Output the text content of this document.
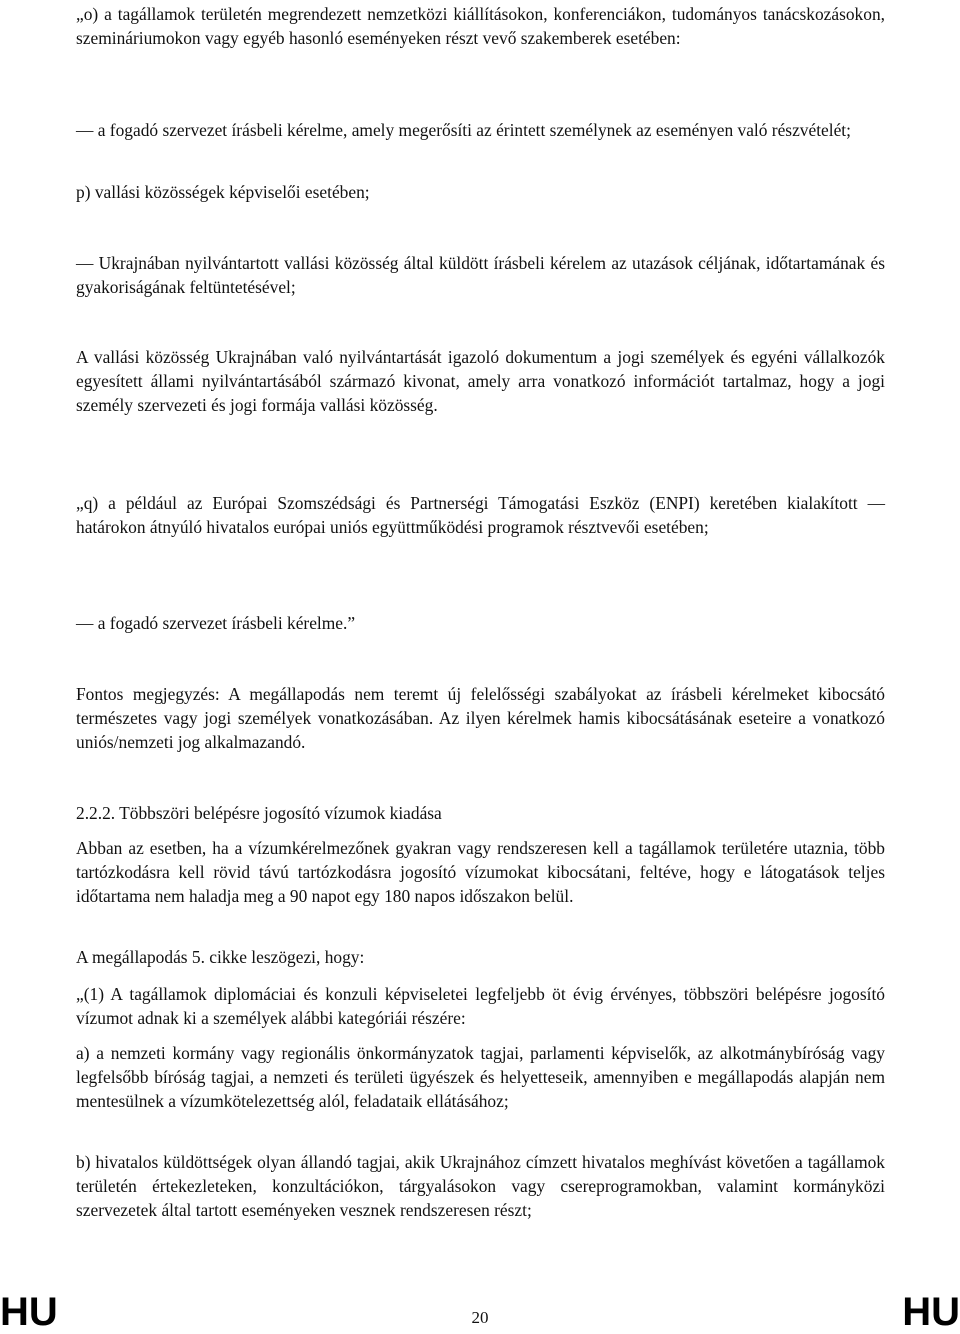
„o) a tagállamok területén megrendezett nemzetközi kiállításokon, konferenciákon, tudományos tanácskozásokon, szemináriumokon vagy egyéb hasonló eseményeken részt vevő szakemberek esetében:

— a fogadó szervezet írásbeli kérelme, amely megerősíti az érintett személynek az eseményen való részvételét;

p) vallási közösségek képviselői esetében;

— Ukrajnában nyilvántartott vallási közösség által küldött írásbeli kérelem az utazások céljának, időtartamának és gyakoriságának feltüntetésével;

A vallási közösség Ukrajnában való nyilvántartását igazoló dokumentum a jogi személyek és egyéni vállalkozók egyesített állami nyilvántartásából származó kivonat, amely arra vonatkozó információt tartalmaz, hogy a jogi személy szervezeti és jogi formája vallási közösség.

„q) a például az Európai Szomszédsági és Partnerségi Támogatási Eszköz (ENPI) keretében kialakított — határokon átnyúló hivatalos európai uniós együttműködési programok résztvevői esetében;

— a fogadó szervezet írásbeli kérelme.”

Fontos megjegyzés: A megállapodás nem teremt új felelősségi szabályokat az írásbeli kérelmeket kibocsátó természetes vagy jogi személyek vonatkozásában. Az ilyen kérelmek hamis kibocsátásának eseteire a vonatkozó uniós/nemzeti jog alkalmazandó.

2.2.2. Többszöri belépésre jogosító vízumok kiadása

Abban az esetben, ha a vízumkérelmezőnek gyakran vagy rendszeresen kell a tagállamok területére utaznia, több tartózkodásra kell rövid távú tartózkodásra jogosító vízumokat kibocsátani, feltéve, hogy e látogatások teljes időtartama nem haladja meg a 90 napot egy 180 napos időszakon belül.

A megállapodás 5. cikke leszögezi, hogy:

„(1) A tagállamok diplomáciai és konzuli képviseletei legfeljebb öt évig érvényes, többszöri belépésre jogosító vízumot adnak ki a személyek alábbi kategóriái részére:

a) a nemzeti kormány vagy regionális önkormányzatok tagjai, parlamenti képviselők, az alkotmánybíróság vagy legfelsőbb bíróság tagjai, a nemzeti és területi ügyészek és helyetteseik, amennyiben e megállapodás alapján nem mentesülnek a vízumkötelezettség alól, feladataik ellátásához;

b) hivatalos küldöttségek olyan állandó tagjai, akik Ukrajnához címzett hivatalos meghívást követően a tagállamok területén értekezleteken, konzultációkon, tárgyalásokon vagy csereprogramokban, valamint kormányközi szervezetek által tartott eseményeken vesznek rendszeresen részt;

HU	20	HU
